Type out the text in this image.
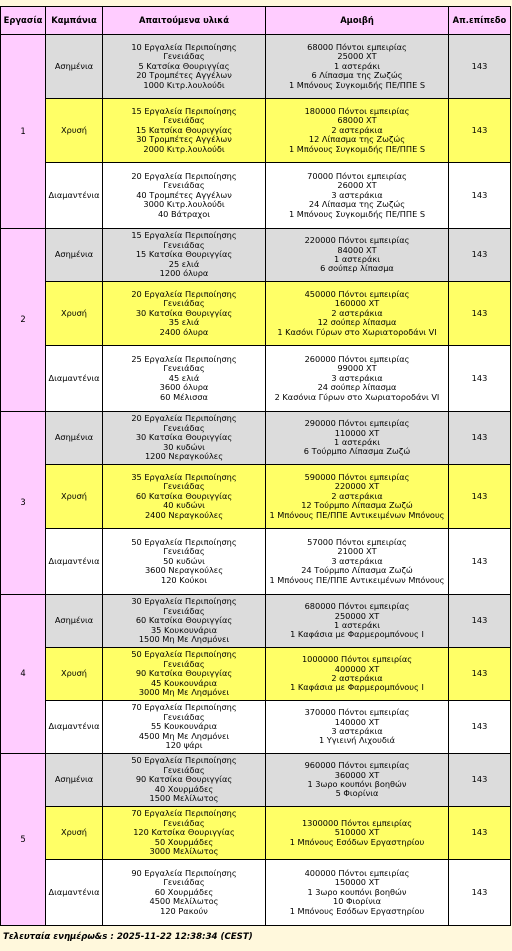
Εργασία	Καμπάνια	Απαιτούμενα υλικά	Αμοιβή	Απ.επίπεδο
1	Ασημένια	10 Εργαλεία Περιποίησης
Γενειάδας
5 Κατσίκα Θουριγγίας
20 Τρομπέτες Αγγέλων
1000 Κιτρ.λουλούδι	68000 Πόντοι εμπειρίας
25000 ΧΤ
1 αστεράκι
6 Λίπασμα της Ζωζώς
1 Μπόνους Συγκομιδής ΠΕ/ΠΠΕ S	143
	Χρυσή	15 Εργαλεία Περιποίησης
Γενειάδας
15 Κατσίκα Θουριγγίας
30 Τρομπέτες Αγγέλων
2000 Κιτρ.λουλούδι	180000 Πόντοι εμπειρίας
68000 ΧΤ
2 αστεράκια
12 Λίπασμα της Ζωζώς
1 Μπόνους Συγκομιδής ΠΕ/ΠΠΕ S	143
	Διαμαντένια	20 Εργαλεία Περιποίησης
Γενειάδας
40 Τρομπέτες Αγγέλων
3000 Κιτρ.λουλούδι
40 Βάτραχοι	70000 Πόντοι εμπειρίας
26000 ΧΤ
3 αστεράκια
24 Λίπασμα της Ζωζώς
1 Μπόνους Συγκομιδής ΠΕ/ΠΠΕ S	143
2	Ασημένια	15 Εργαλεία Περιποίησης
Γενειάδας
15 Κατσίκα Θουριγγίας
25 ελιά
1200 όλυρα	220000 Πόντοι εμπειρίας
84000 ΧΤ
1 αστεράκι
6 σούπερ λίπασμα	143
	Χρυσή	20 Εργαλεία Περιποίησης
Γενειάδας
30 Κατσίκα Θουριγγίας
35 ελιά
2400 όλυρα	450000 Πόντοι εμπειρίας
160000 ΧΤ
2 αστεράκια
12 σούπερ λίπασμα
1 Κασόνι Γύρων στο Χωριατοροδάνι VI	143
	Διαμαντένια	25 Εργαλεία Περιποίησης
Γενειάδας
45 ελιά
3600 όλυρα
60 Μέλισσα	260000 Πόντοι εμπειρίας
99000 ΧΤ
3 αστεράκια
24 σούπερ λίπασμα
2 Κασόνια Γύρων στο Χωριατοροδάνι VI	143
3	Ασημένια	20 Εργαλεία Περιποίησης
Γενειάδας
30 Κατσίκα Θουριγγίας
30 κυδώνι
1200 Νεραγκούλες	290000 Πόντοι εμπειρίας
110000 ΧΤ
1 αστεράκι
6 Τούρμπο Λίπασμα Ζωζώ	143
	Χρυσή	35 Εργαλεία Περιποίησης
Γενειάδας
60 Κατσίκα Θουριγγίας
40 κυδώνι
2400 Νεραγκούλες	590000 Πόντοι εμπειρίας
220000 ΧΤ
2 αστεράκια
12 Τούρμπο Λίπασμα Ζωζώ
1 Μπόνους ΠΕ/ΠΠΕ Αντικειμένων Μπόνους	143
	Διαμαντένια	50 Εργαλεία Περιποίησης
Γενειάδας
50 κυδώνι
3600 Νεραγκούλες
120 Κούκοι	57000 Πόντοι εμπειρίας
21000 ΧΤ
3 αστεράκια
24 Τούρμπο Λίπασμα Ζωζώ
1 Μπόνους ΠΕ/ΠΠΕ Αντικειμένων Μπόνους	143
4	Ασημένια	30 Εργαλεία Περιποίησης
Γενειάδας
60 Κατσίκα Θουριγγίας
35 Κουκουνάρια
1500 Μη Με Λησμόνει	680000 Πόντοι εμπειρίας
250000 ΧΤ
1 αστεράκι
1 Καφάσια με Φαρμερομπόνους I	143
	Χρυσή	50 Εργαλεία Περιποίησης
Γενειάδας
90 Κατσίκα Θουριγγίας
45 Κουκουνάρια
3000 Μη Με Λησμόνει	1000000 Πόντοι εμπειρίας
400000 ΧΤ
2 αστεράκια
1 Καφάσια με Φαρμερομπόνους I	143
	Διαμαντένια	70 Εργαλεία Περιποίησης
Γενειάδας
55 Κουκουνάρια
4500 Μη Με Λησμόνει
120 ψάρι	370000 Πόντοι εμπειρίας
140000 ΧΤ
3 αστεράκια
1 Υγιεινή Λιχουδιά	143
5	Ασημένια	50 Εργαλεία Περιποίησης
Γενειάδας
90 Κατσίκα Θουριγγίας
40 Χουρμάδες
1500 Μελίλωτος	960000 Πόντοι εμπειρίας
360000 ΧΤ
1 3ωρο κουπόνι βοηθών
5 Φιορίνια	143
	Χρυσή	70 Εργαλεία Περιποίησης
Γενειάδας
120 Κατσίκα Θουριγγίας
50 Χουρμάδες
3000 Μελίλωτος	1300000 Πόντοι εμπειρίας
510000 ΧΤ
1 Μπόνους Εσόδων Εργαστηρίου	143
	Διαμαντένια	90 Εργαλεία Περιποίησης
Γενειάδας
60 Χουρμάδες
4500 Μελίλωτος
120 Ρακούν	400000 Πόντοι εμπειρίας
150000 ΧΤ
1 3ωρο κουπόνι βοηθών
10 Φιορίνια
1 Μπόνους Εσόδων Εργαστηρίου	143
Τελευταία ενημέρω&s : 2025-11-22 12:38:34 (CEST)
